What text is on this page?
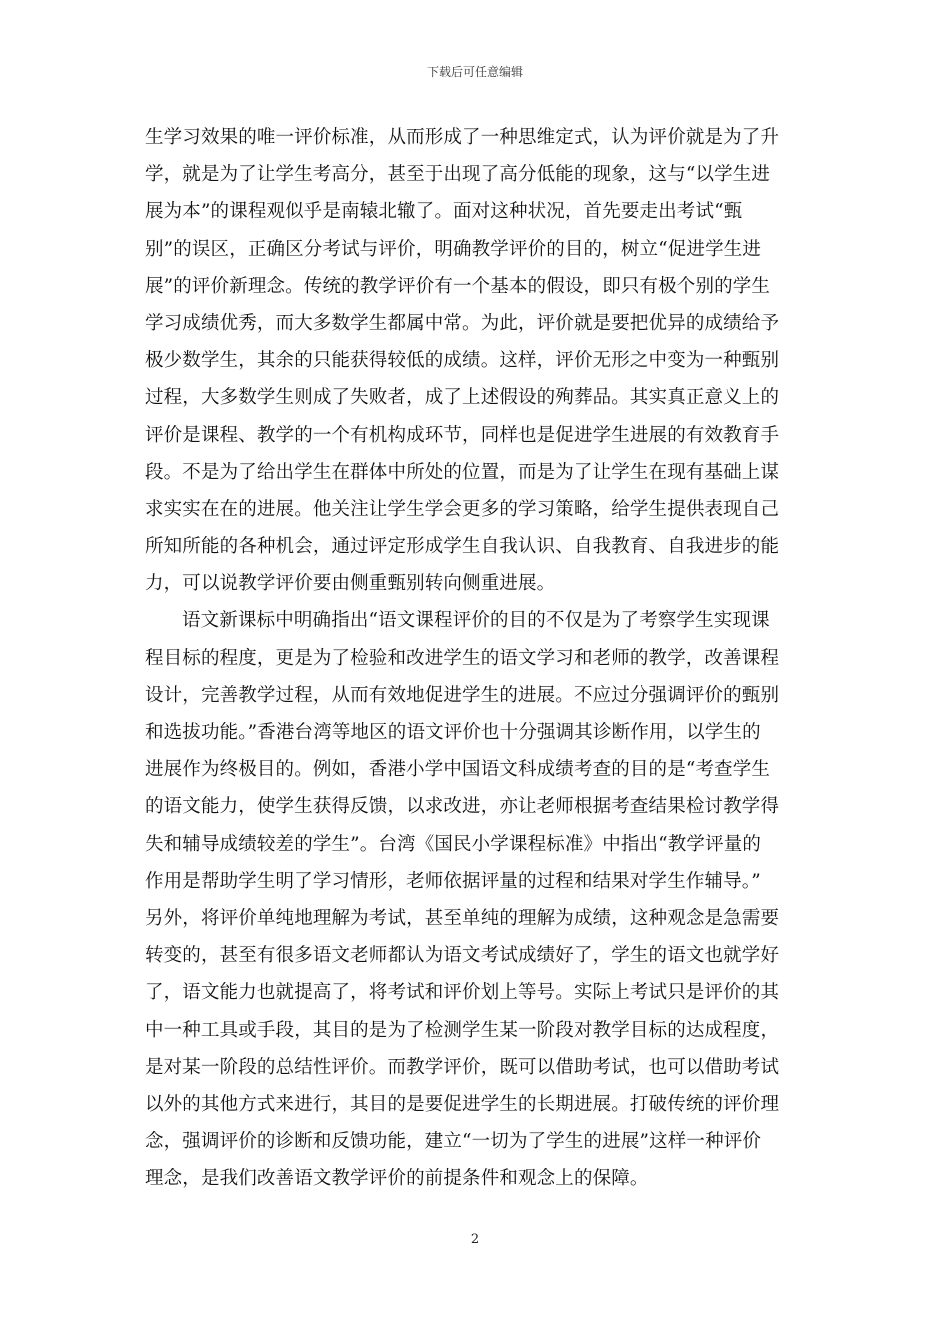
下载后可任意编辑
生学习效果的唯一评价标准，从而形成了一种思维定式，认为评价就是为了升
学，就是为了让学生考高分，甚至于出现了高分低能的现象，这与“以学生进
展为本”的课程观似乎是南辕北辙了。面对这种状况，首先要走出考试“甄
别”的误区，正确区分考试与评价，明确教学评价的目的，树立“促进学生进
展”的评价新理念。传统的教学评价有一个基本的假设，即只有极个别的学生
学习成绩优秀，而大多数学生都属中常。为此，评价就是要把优异的成绩给予
极少数学生，其余的只能获得较低的成绩。这样，评价无形之中变为一种甄别
过程，大多数学生则成了失败者，成了上述假设的殉葬品。其实真正意义上的
评价是课程、教学的一个有机构成环节，同样也是促进学生进展的有效教育手
段。不是为了给出学生在群体中所处的位置，而是为了让学生在现有基础上谋
求实实在在的进展。他关注让学生学会更多的学习策略，给学生提供表现自己
所知所能的各种机会，通过评定形成学生自我认识、自我教育、自我进步的能
力，可以说教学评价要由侧重甄别转向侧重进展。
语文新课标中明确指出“语文课程评价的目的不仅是为了考察学生实现课
程目标的程度，更是为了检验和改进学生的语文学习和老师的教学，改善课程
设计，完善教学过程，从而有效地促进学生的进展。不应过分强调评价的甄别
和选拔功能。”香港台湾等地区的语文评价也十分强调其诊断作用，以学生的
进展作为终极目的。例如，香港小学中国语文科成绩考查的目的是“考查学生
的语文能力，使学生获得反馈，以求改进，亦让老师根据考查结果检讨教学得
失和辅导成绩较差的学生”。台湾《国民小学课程标准》中指出“教学评量的
作用是帮助学生明了学习情形，老师依据评量的过程和结果对学生作辅导。”
另外，将评价单纯地理解为考试，甚至单纯的理解为成绩，这种观念是急需要
转变的，甚至有很多语文老师都认为语文考试成绩好了，学生的语文也就学好
了，语文能力也就提高了，将考试和评价划上等号。实际上考试只是评价的其
中一种工具或手段，其目的是为了检测学生某一阶段对教学目标的达成程度，
是对某一阶段的总结性评价。而教学评价，既可以借助考试，也可以借助考试
以外的其他方式来进行，其目的是要促进学生的长期进展。打破传统的评价理
念，强调评价的诊断和反馈功能，建立“一切为了学生的进展”这样一种评价
理念，是我们改善语文教学评价的前提条件和观念上的保障。
2
